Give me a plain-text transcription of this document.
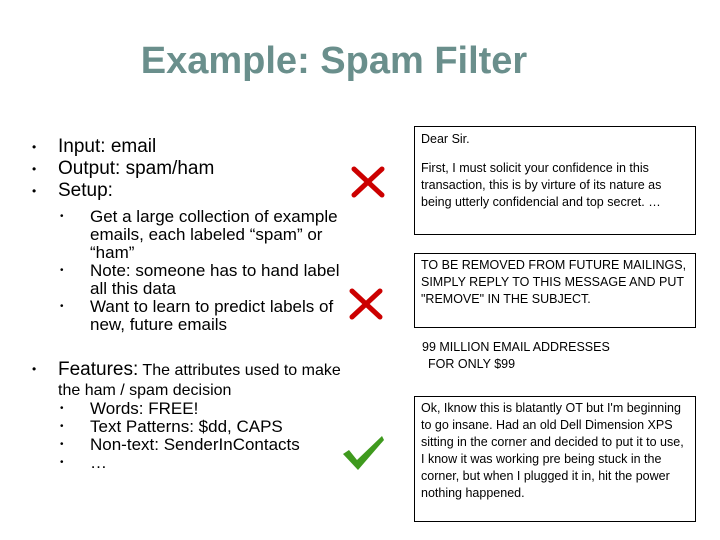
Example: Spam Filter
• Input: email
• Output: spam/ham
• Setup:
• Get a large collection of example emails, each labeled “spam” or “ham”
• Note: someone has to hand label all this data
• Want to learn to predict labels of new, future emails
• Features: The attributes used to make the ham / spam decision
• Words: FREE!
• Text Patterns: $dd, CAPS
• Non-text: SenderInContacts
• …
Dear Sir.
First, I must solicit your confidence in this transaction, this is by virture of its nature as being utterly confidencial and top secret. …
TO BE REMOVED FROM FUTURE MAILINGS, SIMPLY REPLY TO THIS MESSAGE AND PUT "REMOVE" IN THE SUBJECT.
99 MILLION EMAIL ADDRESSES
FOR ONLY $99
Ok, Iknow this is blatantly OT but I'm beginning to go insane. Had an old Dell Dimension XPS sitting in the corner and decided to put it to use, I know it was working pre being stuck in the corner, but when I plugged it in, hit the power nothing happened.
